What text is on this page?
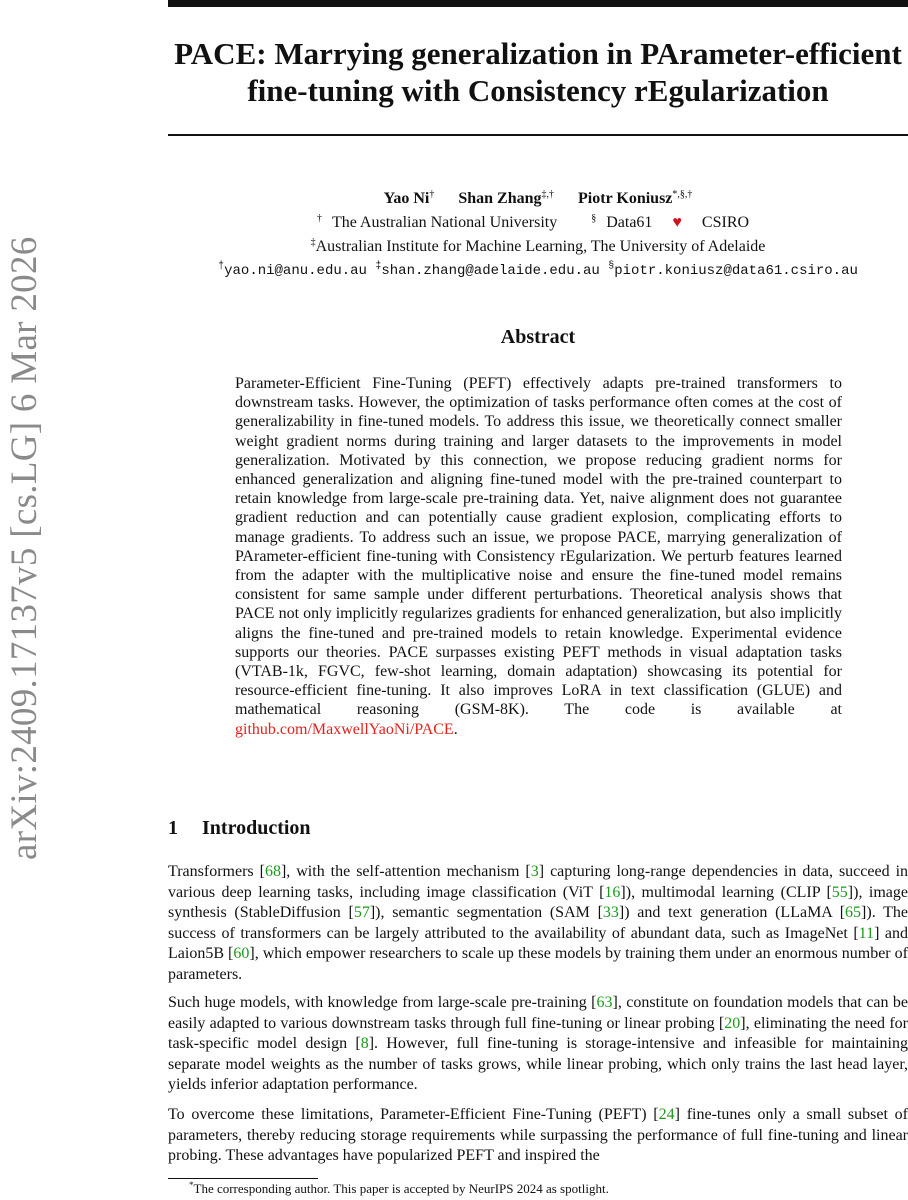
arXiv:2409.17137v5 [cs.LG] 6 Mar 2026
PACE: Marrying generalization in PArameter-efficient
fine-tuning with Consistency rEgularization
Yao Ni† Shan Zhang‡,† Piotr Koniusz*,§,†
† The Australian National University	§ Data61 ♥ CSIRO
‡Australian Institute for Machine Learning, The University of Adelaide
†yao.ni@anu.edu.au ‡shan.zhang@adelaide.edu.au §piotr.koniusz@data61.csiro.au
Abstract
Parameter-Efficient Fine-Tuning (PEFT) effectively adapts pre-trained transformers to downstream tasks. However, the optimization of tasks performance often comes at the cost of generalizability in fine-tuned models. To address this issue, we theoretically connect smaller weight gradient norms during training and larger datasets to the improvements in model generalization. Motivated by this connection, we propose reducing gradient norms for enhanced generalization and aligning fine-tuned model with the pre-trained counterpart to retain knowledge from large-scale pre-training data. Yet, naive alignment does not guarantee gradient reduction and can potentially cause gradient explosion, complicating efforts to manage gradients. To address such an issue, we propose PACE, marrying generalization of PArameter-efficient fine-tuning with Consistency rEgularization. We perturb features learned from the adapter with the multiplicative noise and ensure the fine-tuned model remains consistent for same sample under different perturbations. Theoretical analysis shows that PACE not only implicitly regularizes gradients for enhanced generalization, but also implicitly aligns the fine-tuned and pre-trained models to retain knowledge. Experimental evidence supports our theories. PACE surpasses existing PEFT methods in visual adaptation tasks (VTAB-1k, FGVC, few-shot learning, domain adaptation) showcasing its potential for resource-efficient fine-tuning. It also improves LoRA in text classification (GLUE) and mathematical reasoning (GSM-8K). The code is available at github.com/MaxwellYaoNi/PACE.
1 Introduction
Transformers [68], with the self-attention mechanism [3] capturing long-range dependencies in data, succeed in various deep learning tasks, including image classification (ViT [16]), multimodal learning (CLIP [55]), image synthesis (StableDiffusion [57]), semantic segmentation (SAM [33]) and text generation (LLaMA [65]). The success of transformers can be largely attributed to the availability of abundant data, such as ImageNet [11] and Laion5B [60], which empower researchers to scale up these models by training them under an enormous number of parameters.
Such huge models, with knowledge from large-scale pre-training [63], constitute on foundation models that can be easily adapted to various downstream tasks through full fine-tuning or linear probing [20], eliminating the need for task-specific model design [8]. However, full fine-tuning is storage-intensive and infeasible for maintaining separate model weights as the number of tasks grows, while linear probing, which only trains the last head layer, yields inferior adaptation performance.
To overcome these limitations, Parameter-Efficient Fine-Tuning (PEFT) [24] fine-tunes only a small subset of parameters, thereby reducing storage requirements while surpassing the performance of full fine-tuning and linear probing. These advantages have popularized PEFT and inspired the
*The corresponding author. This paper is accepted by NeurIPS 2024 as spotlight.
